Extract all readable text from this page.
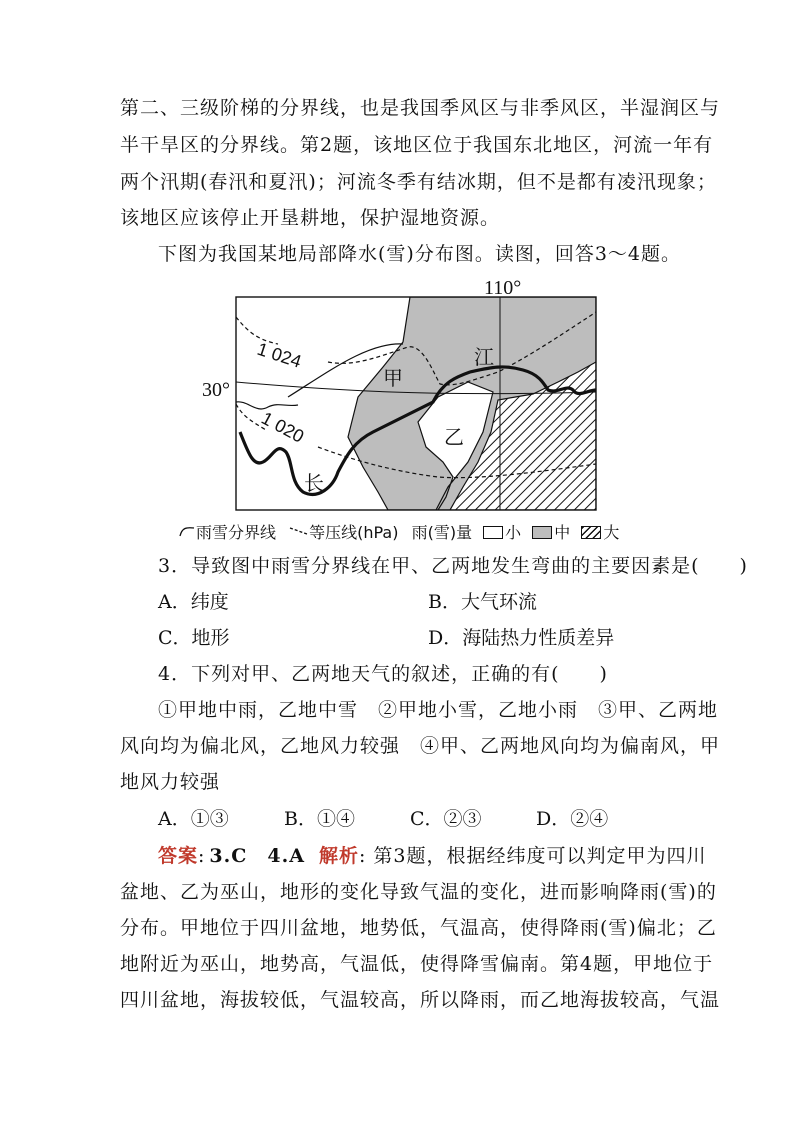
第二、三级阶梯的分界线，也是我国季风区与非季风区，半湿润区与
半干旱区的分界线。第2题，该地区位于我国东北地区，河流一年有
两个汛期(春汛和夏汛)；河流冬季有结冰期，但不是都有凌汛现象；
该地区应该停止开垦耕地，保护湿地资源。
下图为我国某地局部降水(雪)分布图。读图，回答3～4题。
110°
30°
1 024
1 020
甲
乙
江
长
雨雪分界线 等压线(hPa) 雨(雪)量 小 中 大
3．导致图中雨雪分界线在甲、乙两地发生弯曲的主要因素是(　　)
A．纬度	B．大气环流
C．地形	D．海陆热力性质差异
4．下列对甲、乙两地天气的叙述，正确的有(　　)
①甲地中雨，乙地中雪　②甲地小雪，乙地小雨　③甲、乙两地
风向均为偏北风，乙地风力较强　④甲、乙两地风向均为偏南风，甲
地风力较强
A．①③	B．①④	C．②③	D．②④
答案: 3.C　4.A 解析: 第3题，根据经纬度可以判定甲为四川
盆地、乙为巫山，地形的变化导致气温的变化，进而影响降雨(雪)的
分布。甲地位于四川盆地，地势低，气温高，使得降雨(雪)偏北；乙
地附近为巫山，地势高，气温低，使得降雪偏南。第4题，甲地位于
四川盆地，海拔较低，气温较高，所以降雨，而乙地海拔较高，气温
